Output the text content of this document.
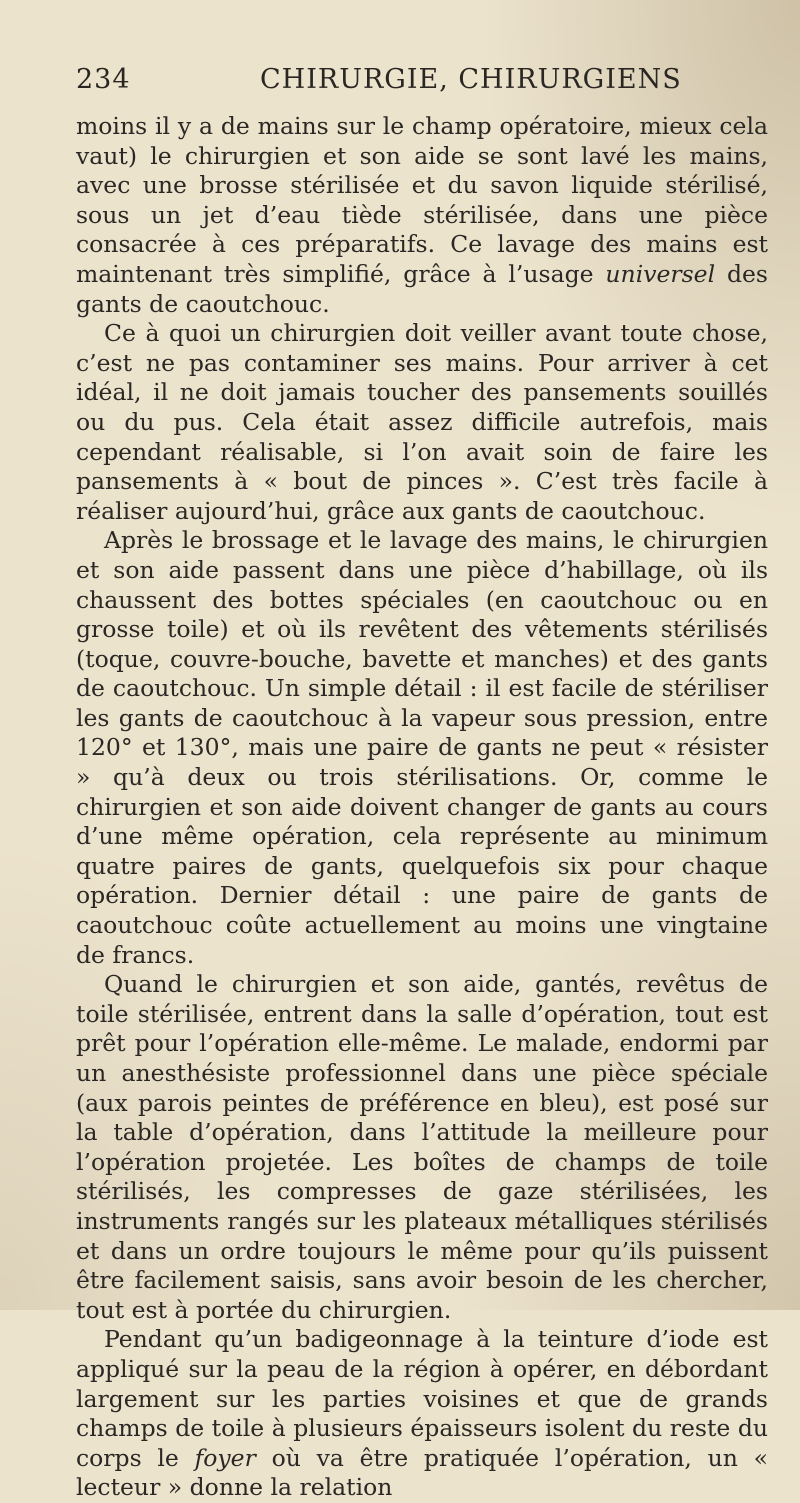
234	CHIRURGIE, CHIRURGIENS

moins il y a de mains sur le champ opératoire, mieux cela vaut) le chirurgien et son aide se sont lavé les mains, avec une brosse stérilisée et du savon liquide stérilisé, sous un jet d’eau tiède stérilisée, dans une pièce consacrée à ces préparatifs. Ce lavage des mains est maintenant très simplifié, grâce à l’usage universel des gants de caoutchouc.

Ce à quoi un chirurgien doit veiller avant toute chose, c’est ne pas contaminer ses mains. Pour arriver à cet idéal, il ne doit jamais toucher des pansements souillés ou du pus. Cela était assez difficile autrefois, mais cependant réalisable, si l’on avait soin de faire les pansements à « bout de pinces ». C’est très facile à réaliser aujourd’hui, grâce aux gants de caoutchouc.

Après le brossage et le lavage des mains, le chirurgien et son aide passent dans une pièce d’habillage, où ils chaussent des bottes spéciales (en caoutchouc ou en grosse toile) et où ils revêtent des vêtements stérilisés (toque, couvre-bouche, bavette et manches) et des gants de caoutchouc. Un simple détail : il est facile de stériliser les gants de caoutchouc à la vapeur sous pression, entre 120° et 130°, mais une paire de gants ne peut « résister » qu’à deux ou trois stérilisations. Or, comme le chirurgien et son aide doivent changer de gants au cours d’une même opération, cela représente au minimum quatre paires de gants, quelquefois six pour chaque opération. Dernier détail : une paire de gants de caoutchouc coûte actuellement au moins une vingtaine de francs.

Quand le chirurgien et son aide, gantés, revêtus de toile stérilisée, entrent dans la salle d’opération, tout est prêt pour l’opération elle-même. Le malade, endormi par un anesthésiste professionnel dans une pièce spéciale (aux parois peintes de préférence en bleu), est posé sur la table d’opération, dans l’attitude la meilleure pour l’opération projetée. Les boîtes de champs de toile stérilisés, les compresses de gaze stérilisées, les instruments rangés sur les plateaux métalliques stérilisés et dans un ordre toujours le même pour qu’ils puissent être facilement saisis, sans avoir besoin de les chercher, tout est à portée du chirurgien.

Pendant qu’un badigeonnage à la teinture d’iode est appliqué sur la peau de la région à opérer, en débordant largement sur les parties voisines et que de grands champs de toile à plusieurs épaisseurs isolent du reste du corps le foyer où va être pratiquée l’opération, un « lecteur » donne la relation
